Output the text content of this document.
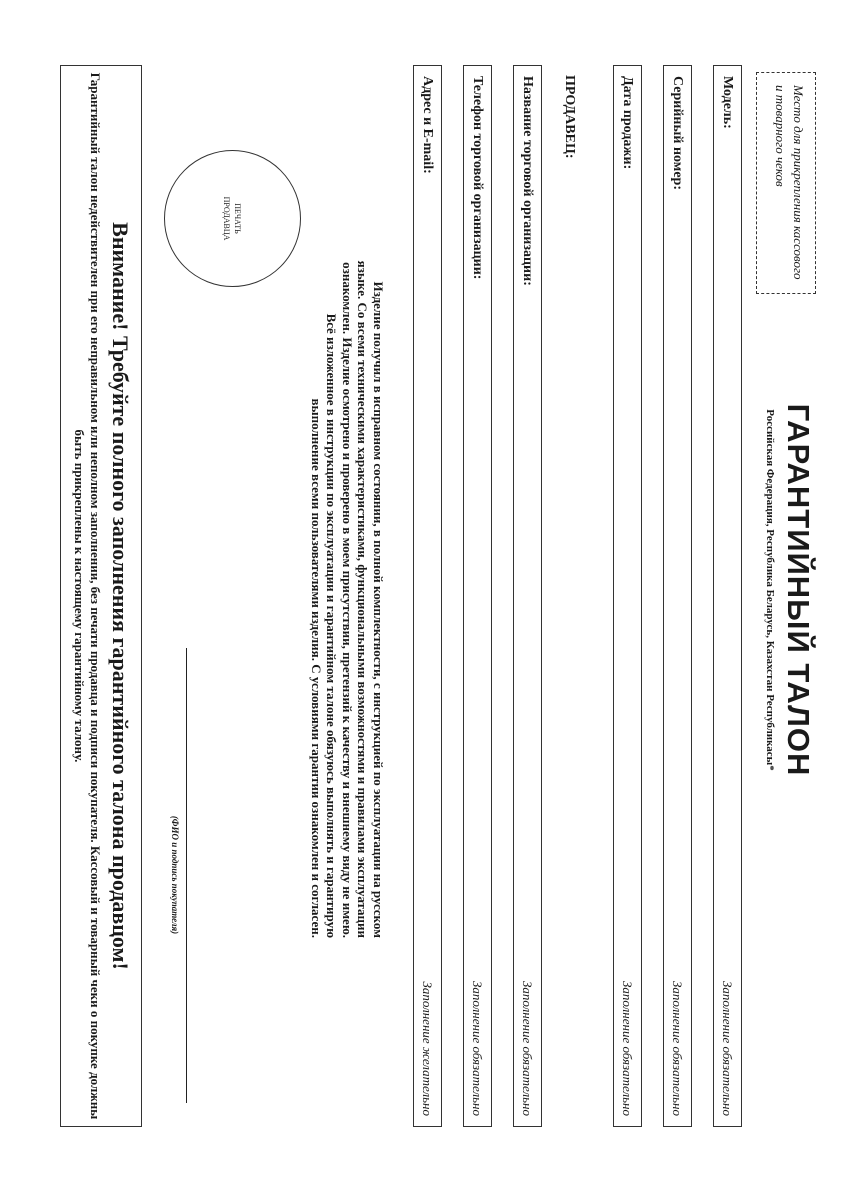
Место для прикрепления кассового и товарного чеков
ГАРАНТИЙНЫЙ ТАЛОН
Российская Федерация, Республика Беларусь, Казахстан Республикасы*
Модель:
Заполнение обязательно
Серийный номер:
Заполнение обязательно
Дата продажи:
Заполнение обязательно
ПРОДАВЕЦ:
Название торговой организации:
Заполнение обязательно
Телефон торговой организации:
Заполнение обязательно
Адрес и E-mail:
Заполнение желательно
Изделие получил в исправном состоянии, в полной комплектности, с инструкцией по эксплуатации на русском языке. Со всеми техническими характеристиками, функциональными возможностями и правилами эксплуатации ознакомлен. Изделие осмотрено и проверено в моем присутствии, претензий к качеству и внешнему виду не имею. Всё изложенное в инструкции по эксплуатации и гарантийном талоне обязуюсь выполнять и гарантирую выполнение всеми пользователями изделия. С условиями гарантии ознакомлен и согласен.
ПЕЧАТЬ ПРОДАВЦА
(ФИО и подпись покупателя)
Внимание! Требуйте полного заполнения гарантийного талона продавцом!
Гарантийный талон недействителен при его неправильном или неполном заполнении, без печати продавца и подписи покупателя. Кассовый и товарный чеки о покупке должны быть прикреплены к настоящему гарантийному талону.
